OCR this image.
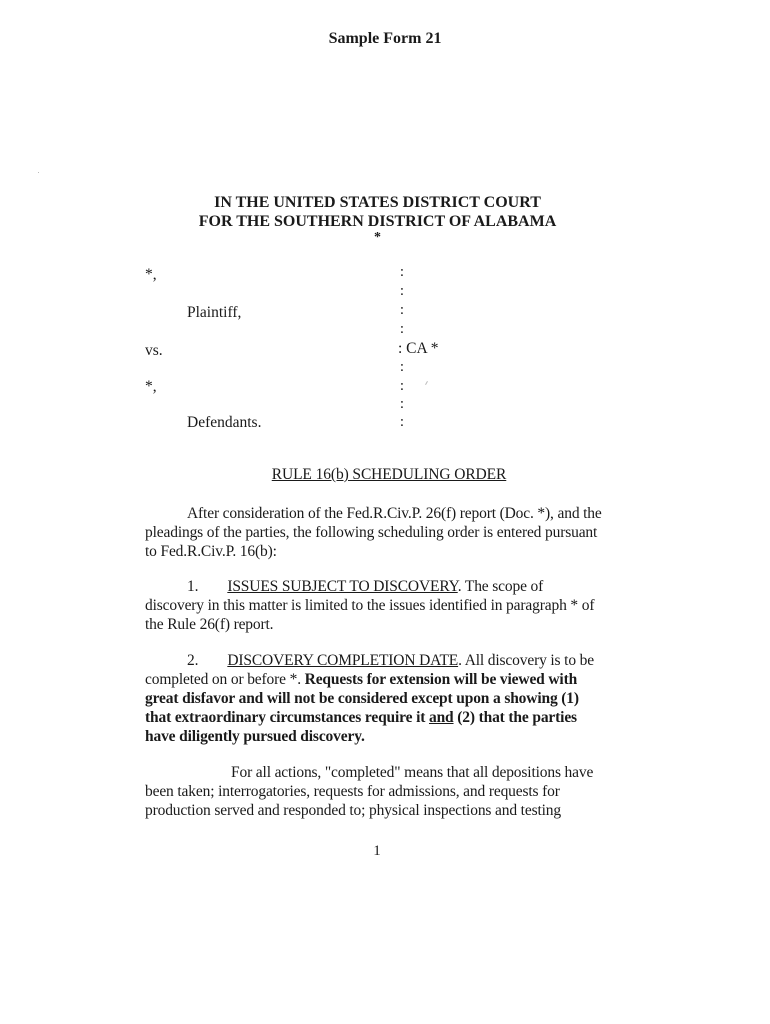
Sample Form 21
IN THE UNITED STATES DISTRICT COURT
FOR THE SOUTHERN DISTRICT OF ALABAMA
*
*,
Plaintiff,
vs.
*,
Defendants.
:
:
:
:
: CA *
:
:
:
:
RULE 16(b) SCHEDULING ORDER
After consideration of the Fed.R.Civ.P. 26(f) report (Doc. *), and the
pleadings of the parties, the following scheduling order is entered pursuant
to Fed.R.Civ.P. 16(b):
1. ISSUES SUBJECT TO DISCOVERY. The scope of
discovery in this matter is limited to the issues identified in paragraph * of
the Rule 26(f) report.
2. DISCOVERY COMPLETION DATE. All discovery is to be
completed on or before *. Requests for extension will be viewed with
great disfavor and will not be considered except upon a showing (1)
that extraordinary circumstances require it and (2) that the parties
have diligently pursued discovery.
For all actions, "completed" means that all depositions have
been taken; interrogatories, requests for admissions, and requests for
production served and responded to; physical inspections and testing
1
